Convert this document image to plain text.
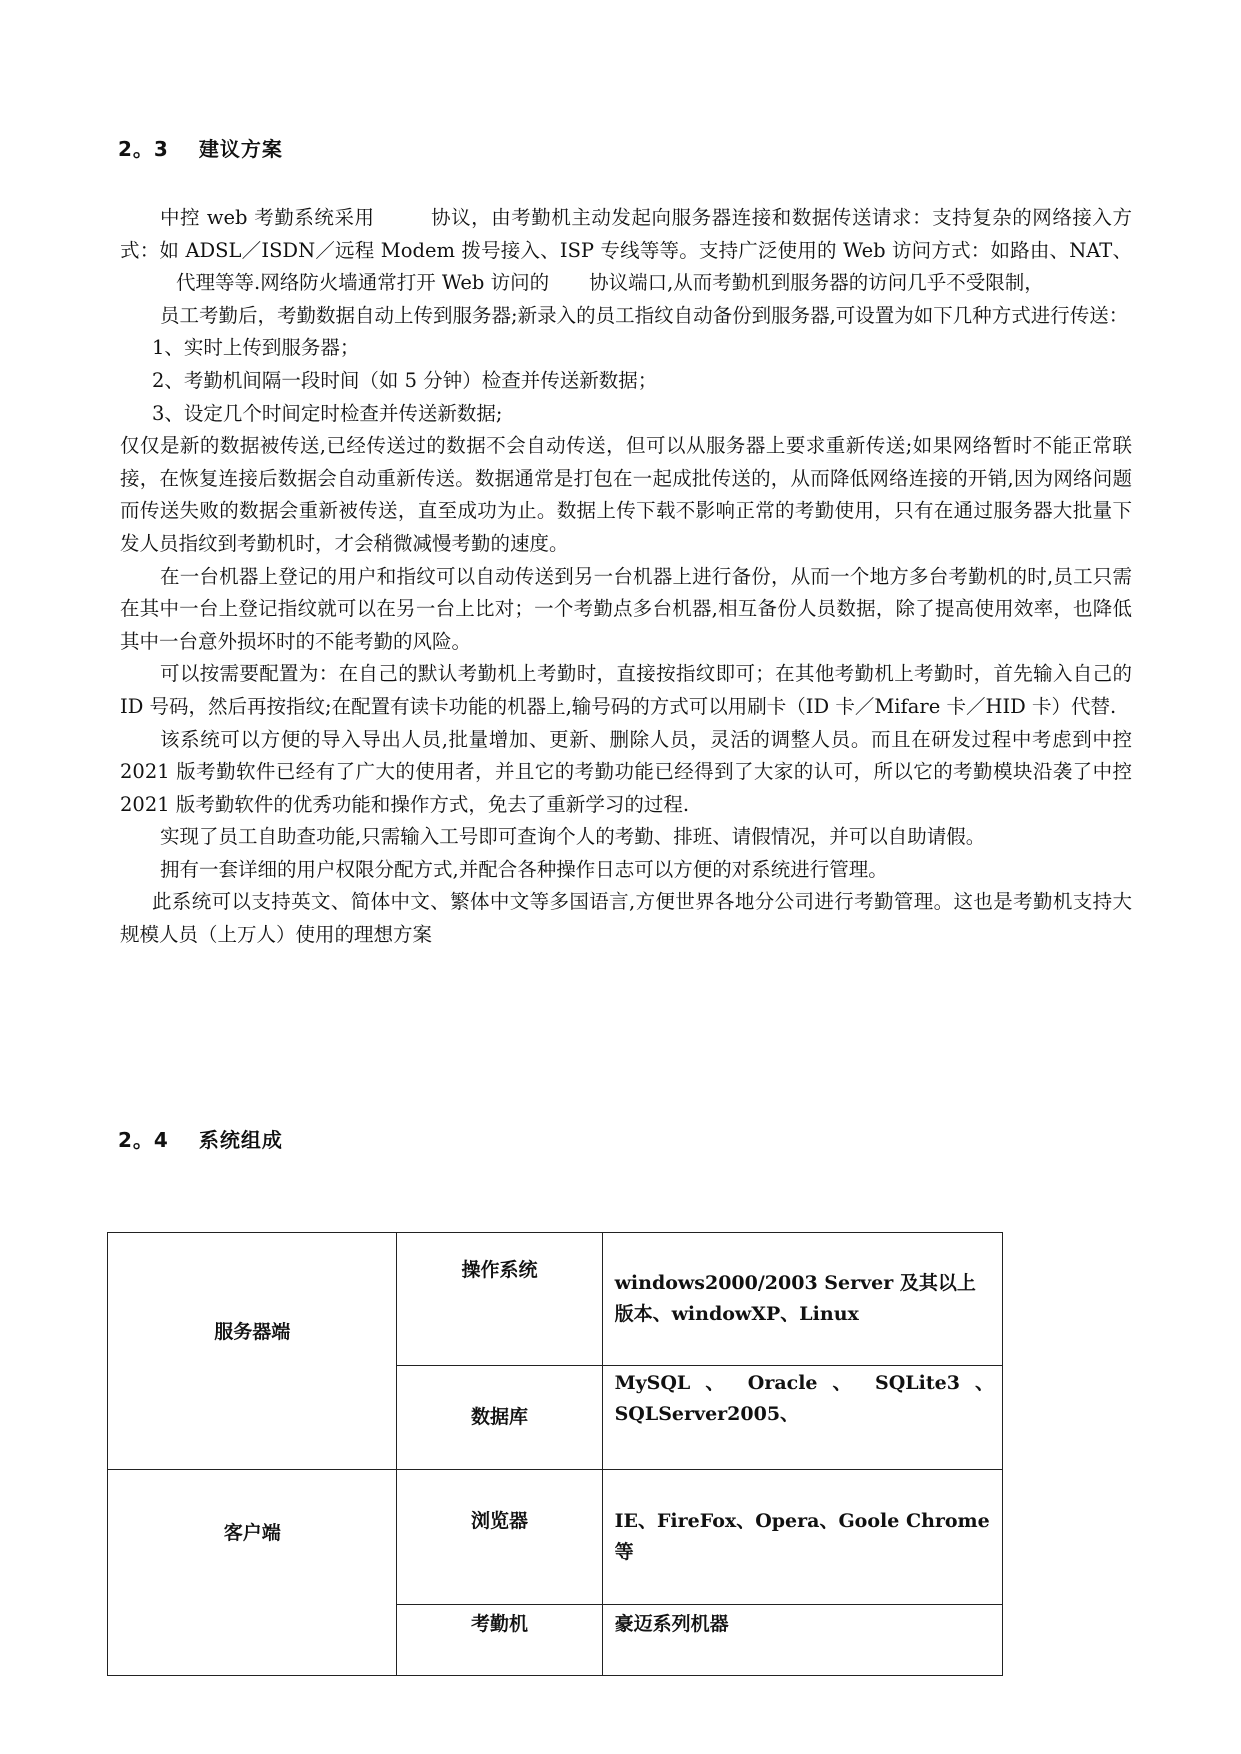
2。3 建议方案

中控 web 考勤系统采用	协议，由考勤机主动发起向服务器连接和数据传送请求：支持复杂的网络接入方式：如 ADSL／ISDN／远程 Modem 拨号接入、ISP 专线等等。支持广泛使用的 Web 访问方式：如路由、NAT、代理等等.网络防火墙通常打开 Web 访问的 协议端口,从而考勤机到服务器的访问几乎不受限制，

员工考勤后，考勤数据自动上传到服务器;新录入的员工指纹自动备份到服务器,可设置为如下几种方式进行传送：

1、实时上传到服务器；

2、考勤机间隔一段时间（如 5 分钟）检查并传送新数据；

3、设定几个时间定时检查并传送新数据;

仅仅是新的数据被传送,已经传送过的数据不会自动传送，但可以从服务器上要求重新传送;如果网络暂时不能正常联接，在恢复连接后数据会自动重新传送。数据通常是打包在一起成批传送的，从而降低网络连接的开销,因为网络问题而传送失败的数据会重新被传送，直至成功为止。数据上传下载不影响正常的考勤使用，只有在通过服务器大批量下发人员指纹到考勤机时，才会稍微减慢考勤的速度。

在一台机器上登记的用户和指纹可以自动传送到另一台机器上进行备份，从而一个地方多台考勤机的时,员工只需在其中一台上登记指纹就可以在另一台上比对；一个考勤点多台机器,相互备份人员数据，除了提高使用效率，也降低其中一台意外损坏时的不能考勤的风险。

可以按需要配置为：在自己的默认考勤机上考勤时，直接按指纹即可；在其他考勤机上考勤时，首先输入自己的 ID 号码，然后再按指纹;在配置有读卡功能的机器上,输号码的方式可以用刷卡（ID 卡／Mifare 卡／HID 卡）代替.

该系统可以方便的导入导出人员,批量增加、更新、删除人员，灵活的调整人员。而且在研发过程中考虑到中控 2021 版考勤软件已经有了广大的使用者，并且它的考勤功能已经得到了大家的认可，所以它的考勤模块沿袭了中控 2021 版考勤软件的优秀功能和操作方式，免去了重新学习的过程.

实现了员工自助查功能,只需输入工号即可查询个人的考勤、排班、请假情况，并可以自助请假。

拥有一套详细的用户权限分配方式,并配合各种操作日志可以方便的对系统进行管理。

此系统可以支持英文、简体中文、繁体中文等多国语言,方便世界各地分公司进行考勤管理。这也是考勤机支持大规模人员（上万人）使用的理想方案

2。4 系统组成
服务器端	操作系统	windows2000/2003 Server 及其以上版本、windowXP、Linux
	数据库	MySQL 、 Oracle 、 SQLite3 、
SQLServer2005、

客户端	浏览器	IE、FireFox、Opera、Goole Chrome 等
	考勤机	豪迈系列机器
